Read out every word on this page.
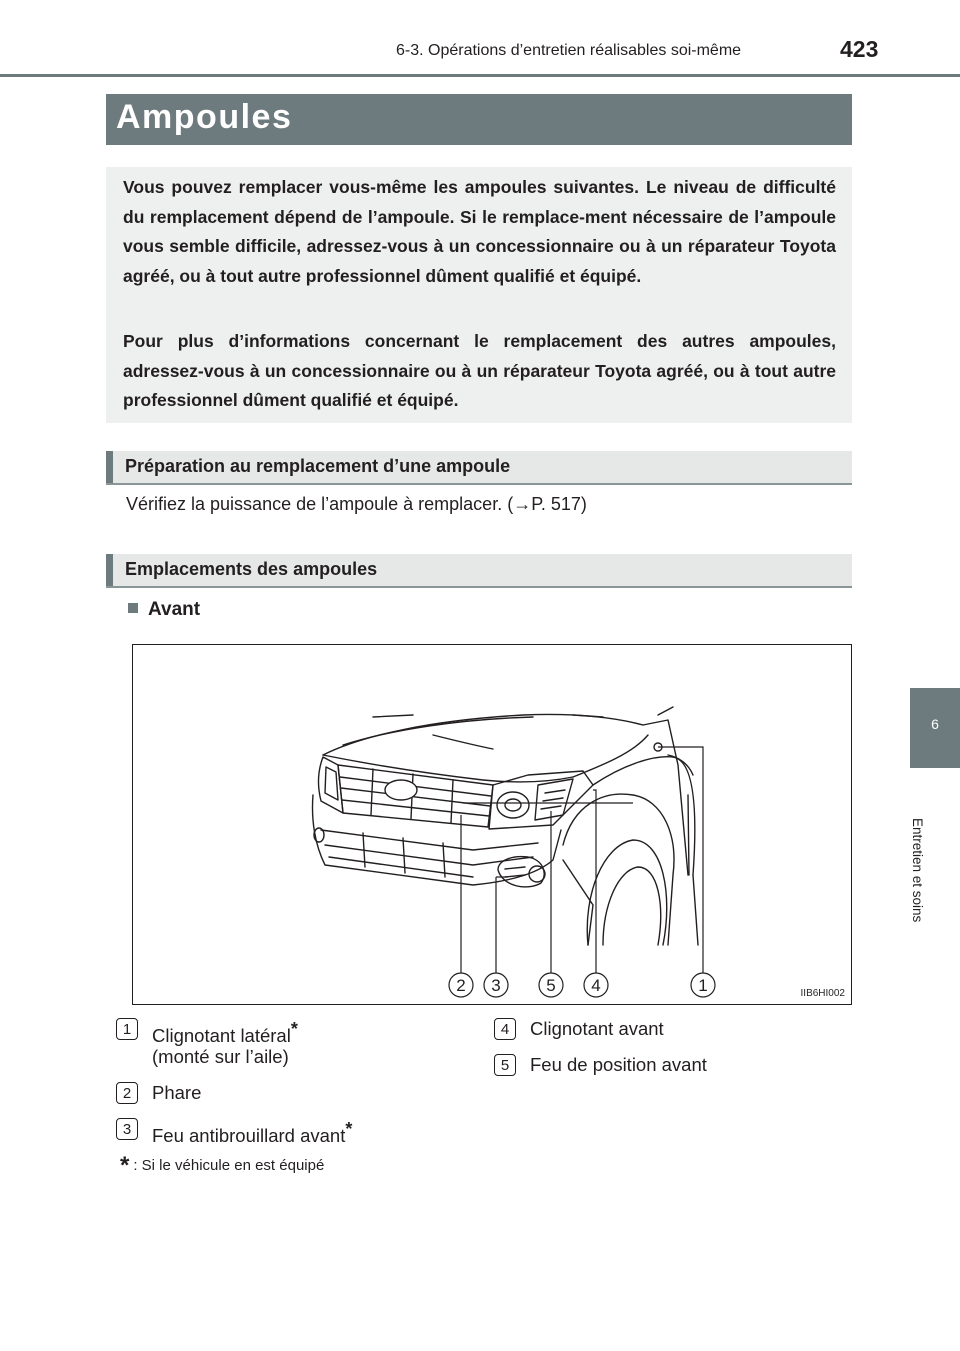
6-3. Opérations d’entretien réalisables soi-même	423
Ampoules

Vous pouvez remplacer vous-même les ampoules suivantes. Le niveau de difficulté du remplacement dépend de l’ampoule. Si le remplace-ment nécessaire de l’ampoule vous semble difficile, adressez-vous à un concessionnaire ou à un réparateur Toyota agréé, ou à tout autre professionnel dûment qualifié et équipé.

Pour plus d’informations concernant le remplacement des autres ampoules, adressez-vous à un concessionnaire ou à un réparateur Toyota agréé, ou à tout autre professionnel dûment qualifié et équipé.

Préparation au remplacement d’une ampoule
Vérifiez la puissance de l’ampoule à remplacer. (→P. 517)
Emplacements des ampoules
Avant
2 3	5 4	1	IIB6HI002
1	Clignotant latéral*
(monté sur l’aile)
2	Phare
3	Feu antibrouillard avant*
4	Clignotant avant
5	Feu de position avant
* : Si le véhicule en est équipé
6
Entretien et soins
